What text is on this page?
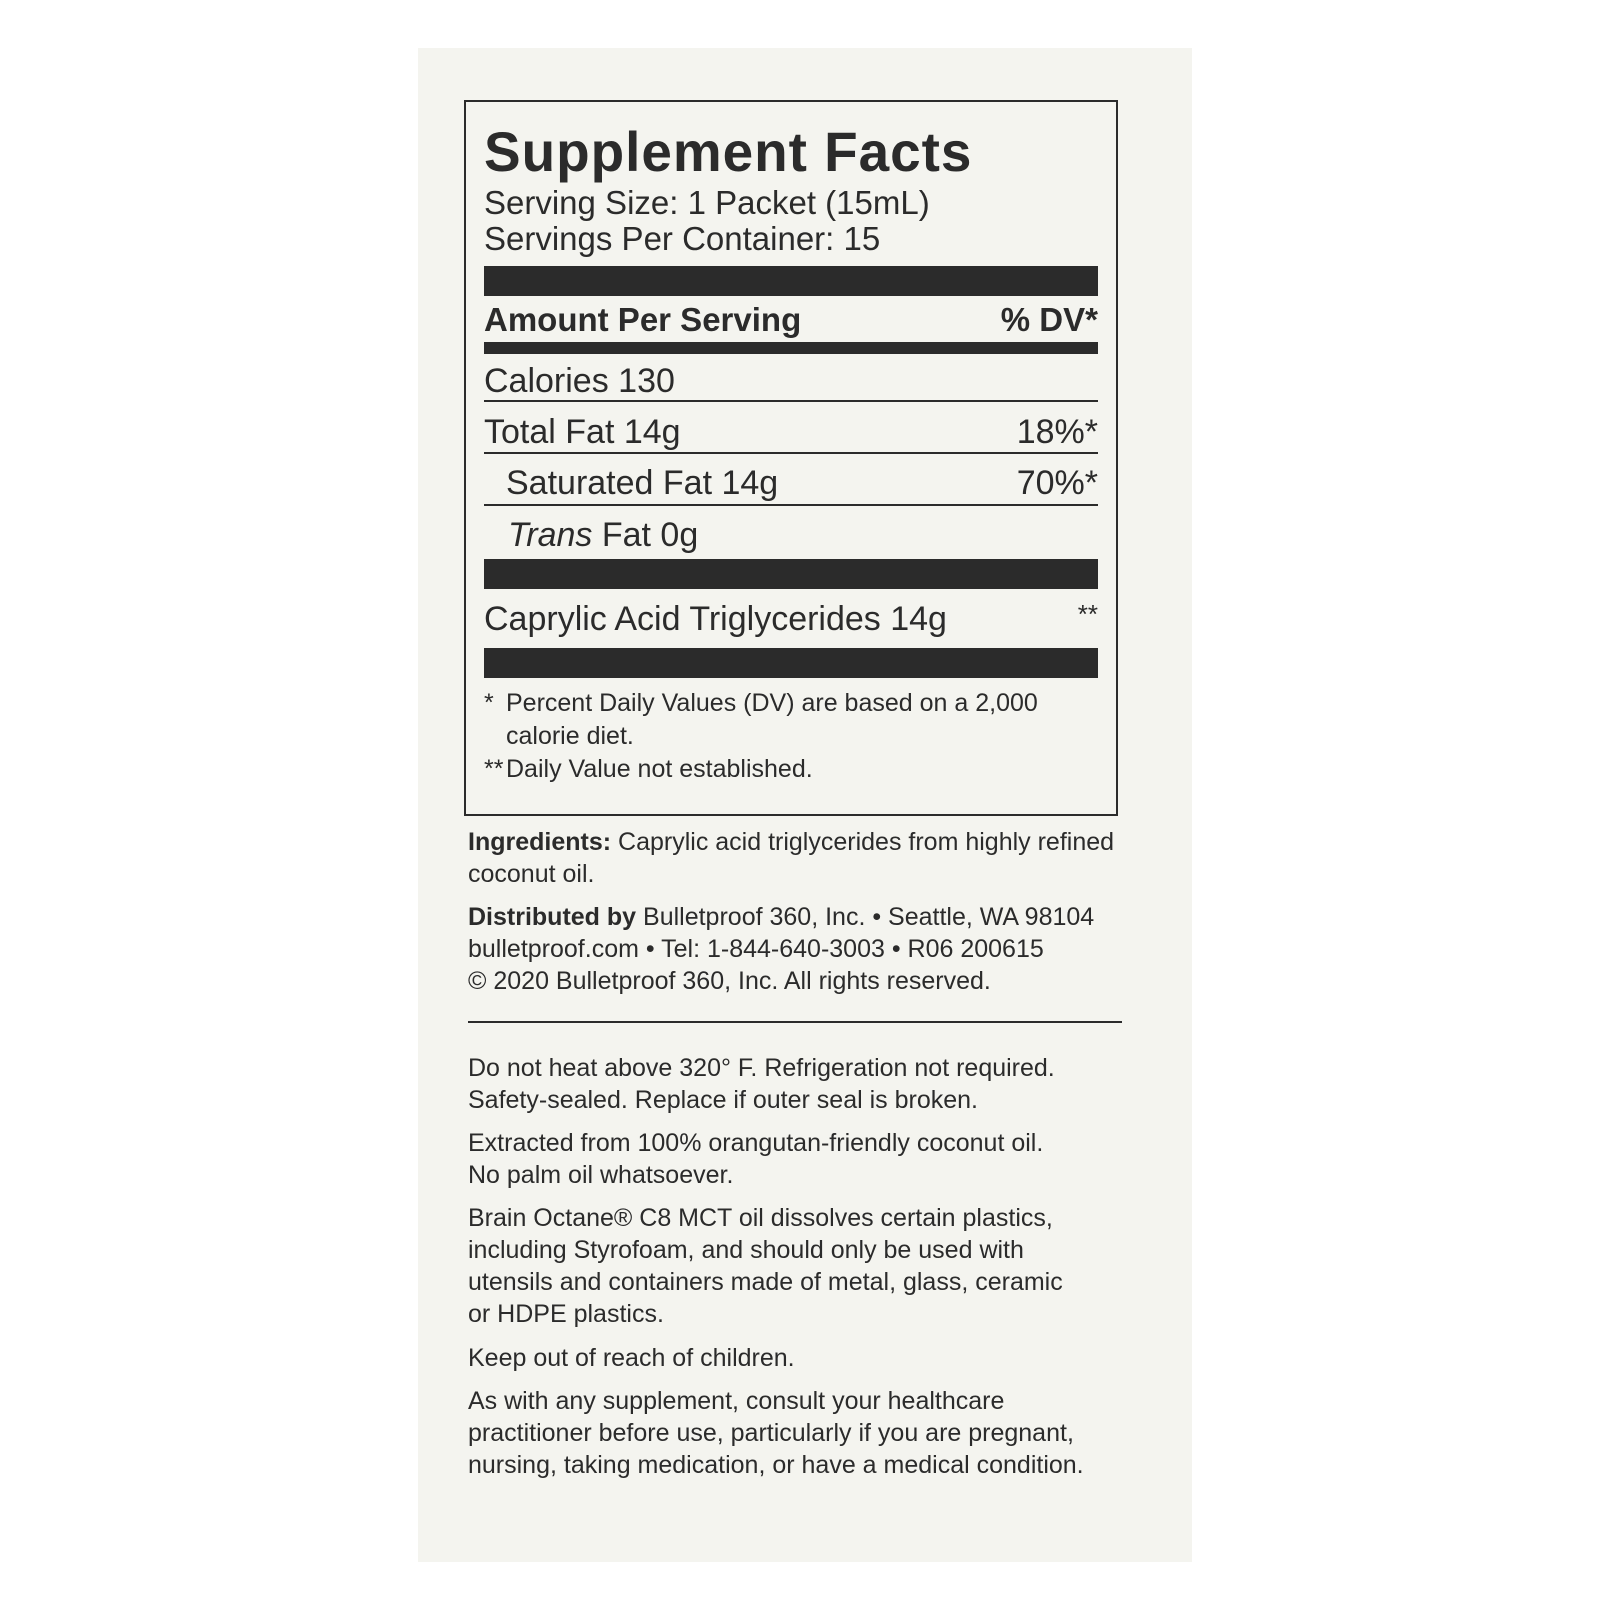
Supplement Facts
Serving Size: 1 Packet (15mL)
Servings Per Container: 15
Amount Per Serving	% DV*
Calories 130
Total Fat 14g	18%*
Saturated Fat 14g	70%*
Trans Fat 0g
Caprylic Acid Triglycerides 14g	**
* Percent Daily Values (DV) are based on a 2,000
calorie diet.
** Daily Value not established.
Ingredients: Caprylic acid triglycerides from highly refined
coconut oil.
Distributed by Bulletproof 360, Inc. • Seattle, WA 98104
bulletproof.com • Tel: 1-844-640-3003 • R06 200615
© 2020 Bulletproof 360, Inc. All rights reserved.
Do not heat above 320° F. Refrigeration not required.
Safety-sealed. Replace if outer seal is broken.
Extracted from 100% orangutan-friendly coconut oil.
No palm oil whatsoever.
Brain Octane® C8 MCT oil dissolves certain plastics,
including Styrofoam, and should only be used with
utensils and containers made of metal, glass, ceramic
or HDPE plastics.
Keep out of reach of children.
As with any supplement, consult your healthcare
practitioner before use, particularly if you are pregnant,
nursing, taking medication, or have a medical condition.
